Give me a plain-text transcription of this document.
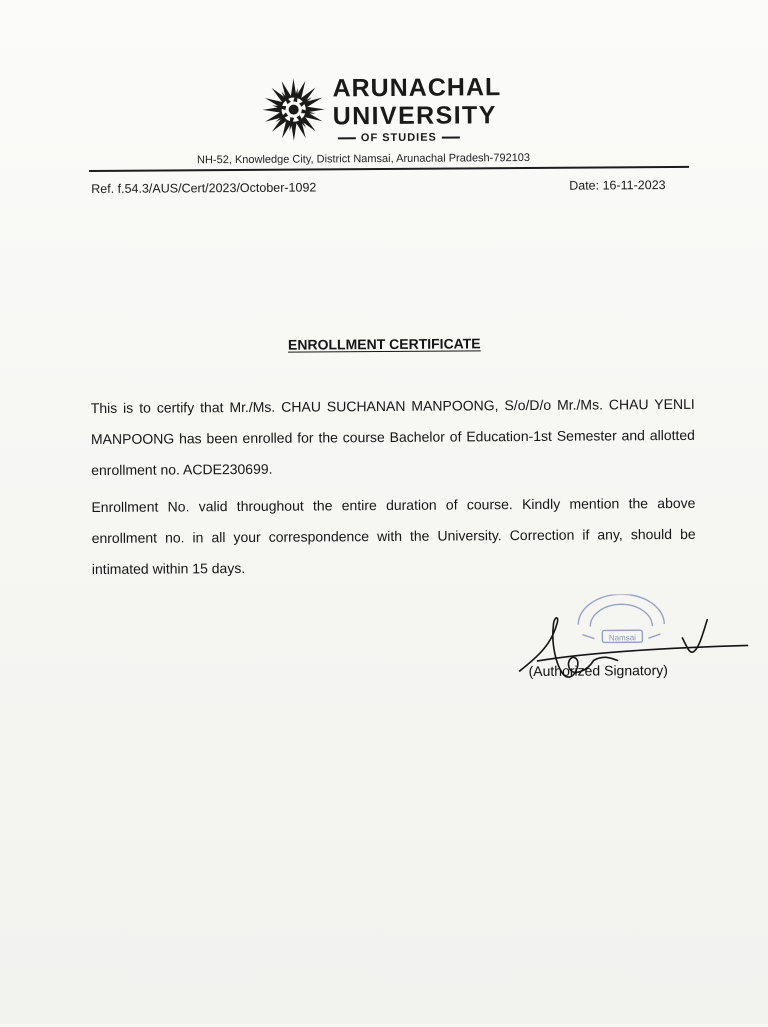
ARUNACHAL
UNIVERSITY
OF STUDIES
NH-52, Knowledge City, District Namsai, Arunachal Pradesh-792103
Ref. f.54.3/AUS/Cert/2023/October-1092	Date: 16-11-2023
ENROLLMENT CERTIFICATE
This is to certify that Mr./Ms. CHAU SUCHANAN MANPOONG, S/o/D/o Mr./Ms. CHAU YENLI MANPOONG has been enrolled for the course Bachelor of Education-1st Semester and allotted enrollment no. ACDE230699.
Enrollment No. valid throughout the entire duration of course. Kindly mention the above enrollment no. in all your correspondence with the University. Correction if any, should be intimated within 15 days.
Namsai
(Authorized Signatory)
